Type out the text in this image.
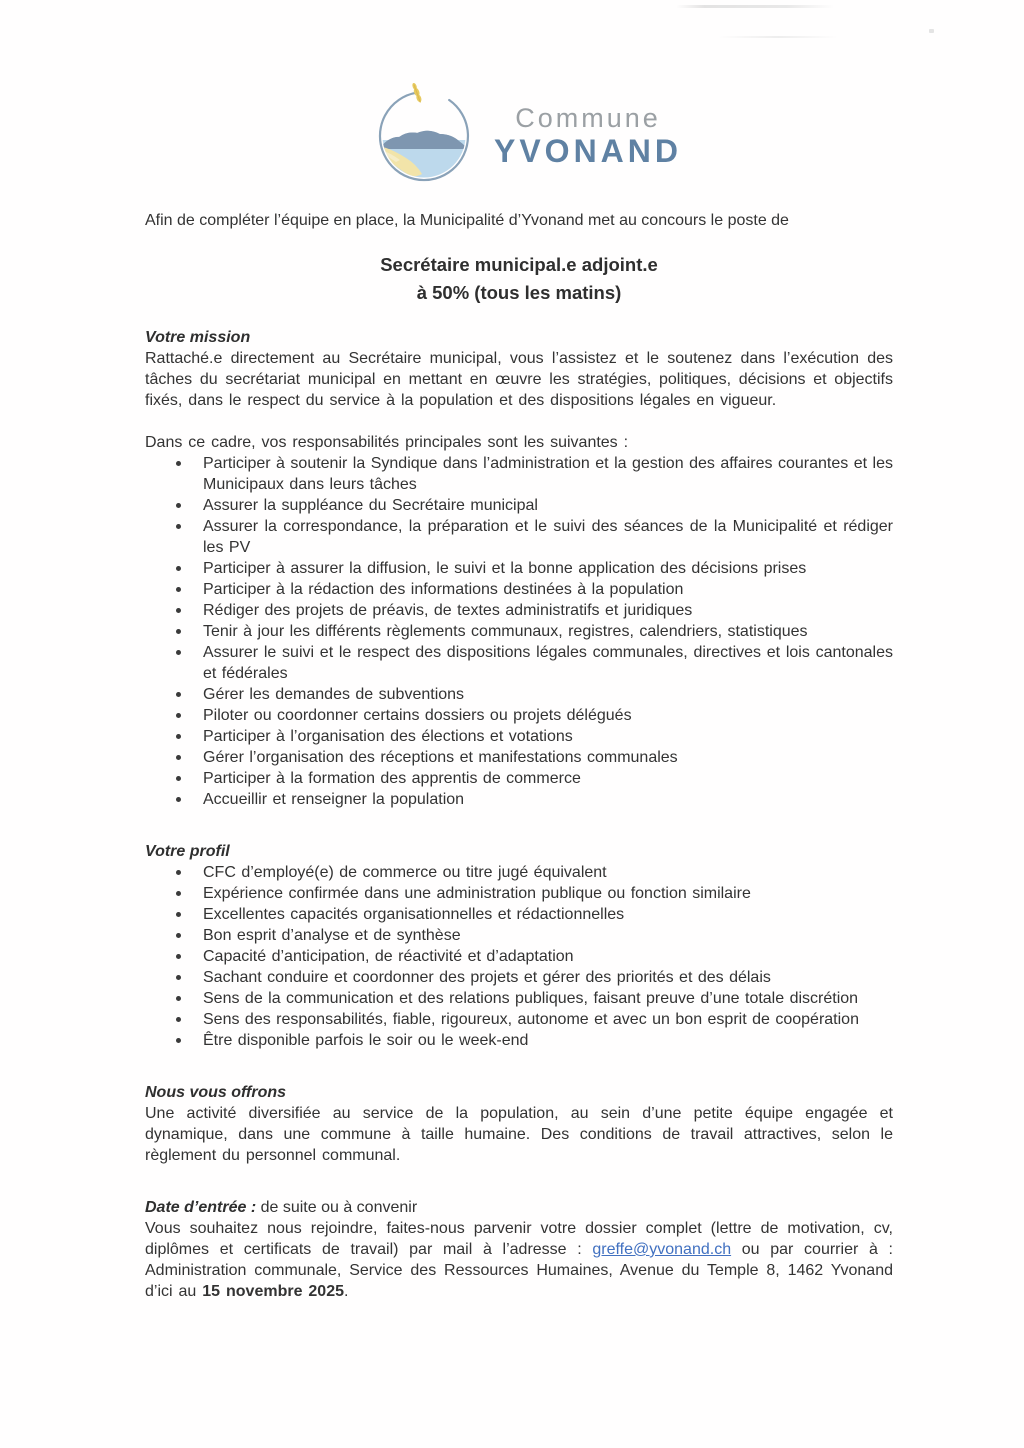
Commune
YVONAND

Afin de compléter l’équipe en place, la Municipalité d’Yvonand met au concours le poste de

Secrétaire municipal.e adjoint.e
à 50% (tous les matins)
Votre mission

Rattaché.e directement au Secrétaire municipal, vous l’assistez et le soutenez dans l’exécution des tâches du secrétariat municipal en mettant en œuvre les stratégies, politiques, décisions et objectifs fixés, dans le respect du service à la population et des dispositions légales en vigueur.

Dans ce cadre, vos responsabilités principales sont les suivantes :

Participer à soutenir la Syndique dans l’administration et la gestion des affaires courantes et les Municipaux dans leurs tâches
Assurer la suppléance du Secrétaire municipal
Assurer la correspondance, la préparation et le suivi des séances de la Municipalité et rédiger les PV
Participer à assurer la diffusion, le suivi et la bonne application des décisions prises
Participer à la rédaction des informations destinées à la population
Rédiger des projets de préavis, de textes administratifs et juridiques
Tenir à jour les différents règlements communaux, registres, calendriers, statistiques
Assurer le suivi et le respect des dispositions légales communales, directives et lois cantonales et fédérales
Gérer les demandes de subventions
Piloter ou coordonner certains dossiers ou projets délégués
Participer à l’organisation des élections et votations
Gérer l’organisation des réceptions et manifestations communales
Participer à la formation des apprentis de commerce
Accueillir et renseigner la population
Votre profil
CFC d’employé(e) de commerce ou titre jugé équivalent
Expérience confirmée dans une administration publique ou fonction similaire
Excellentes capacités organisationnelles et rédactionnelles
Bon esprit d’analyse et de synthèse
Capacité d’anticipation, de réactivité et d’adaptation
Sachant conduire et coordonner des projets et gérer des priorités et des délais
Sens de la communication et des relations publiques, faisant preuve d’une totale discrétion
Sens des responsabilités, fiable, rigoureux, autonome et avec un bon esprit de coopération
Être disponible parfois le soir ou le week-end
Nous vous offrons

Une activité diversifiée au service de la population, au sein d’une petite équipe engagée et dynamique, dans une commune à taille humaine. Des conditions de travail attractives, selon le règlement du personnel communal.

Date d’entrée : de suite ou à convenir

Vous souhaitez nous rejoindre, faites-nous parvenir votre dossier complet (lettre de motivation, cv, diplômes et certificats de travail) par mail à l’adresse : greffe@yvonand.ch ou par courrier à : Administration communale, Service des Ressources Humaines, Avenue du Temple 8, 1462 Yvonand d’ici au 15 novembre 2025.
